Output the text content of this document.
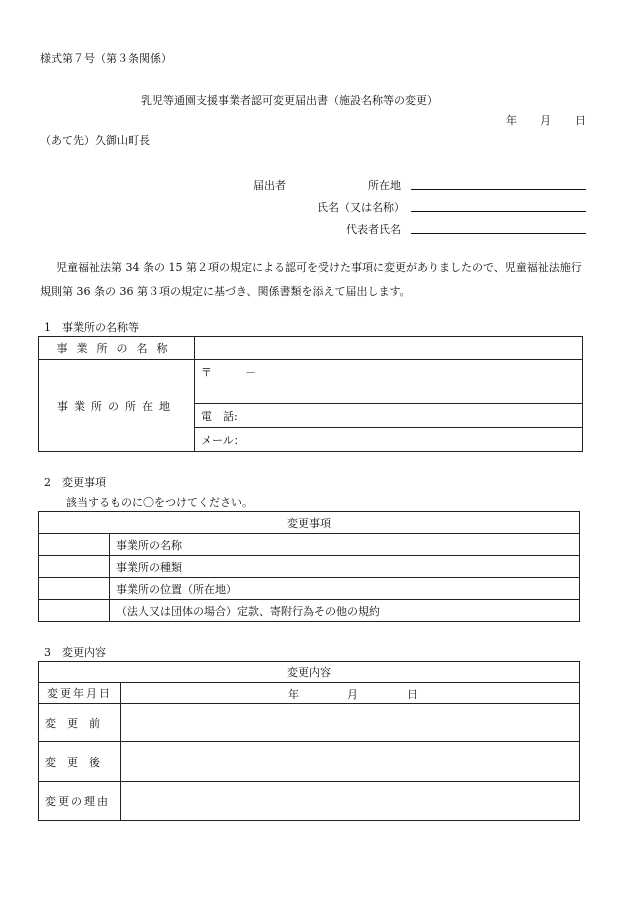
様式第７号（第３条関係）
乳児等通園支援事業者認可変更届出書（施設名称等の変更）
年 月 日
（あて先）久御山町長
届出者	所在地
氏名（又は名称）
代表者氏名
児童福祉法第 34 条の 15 第２項の規定による認可を受けた事項に変更がありましたので、児童福祉法施行規則第 36 条の 36 第３項の規定に基づき、関係書類を添えて届出します。
1　事業所の名称等
事業所の名称	
事業所の所在地	〒　　　－
	電　話:
	メール：
2　変更事項
該当するものに〇をつけてください。
変更事項	
	事業所の名称
	事業所の種類
	事業所の位置（所在地）
	（法人又は団体の場合）定款、寄附行為その他の規約
3　変更内容
変更内容	
変更年月日	年 月 日

変　更　前	
変　更　後	
変更の理由	
